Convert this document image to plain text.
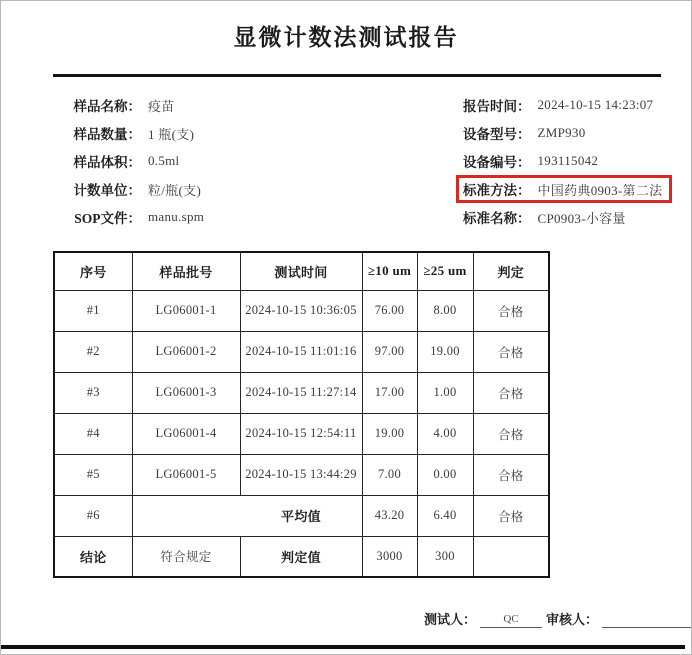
显微计数法测试报告
样品名称： 疫苗
样品数量： 1 瓶(支)
样品体积： 0.5ml
计数单位： 粒/瓶(支)
SOP文件： manu.spm
报告时间： 2024-10-15 14:23:07
设备型号： ZMP930
设备编号： 193115042
标准方法： 中国药典0903-第二法
标准名称： CP0903-小容量
序号	样品批号	测试时间	≥10 um	≥25 um	判定
#1	LG06001-1	2024-10-15 10:36:05	76.00	8.00	合格
#2	LG06001-2	2024-10-15 11:01:16	97.00	19.00	合格
#3	LG06001-3	2024-10-15 11:27:14	17.00	1.00	合格
#4	LG06001-4	2024-10-15 12:54:11	19.00	4.00	合格
#5	LG06001-5	2024-10-15 13:44:29	7.00	0.00	合格
#6	平均值		43.20	6.40	合格
结论	符合规定	判定值	3000	300	
测试人：	QC	审核人：
